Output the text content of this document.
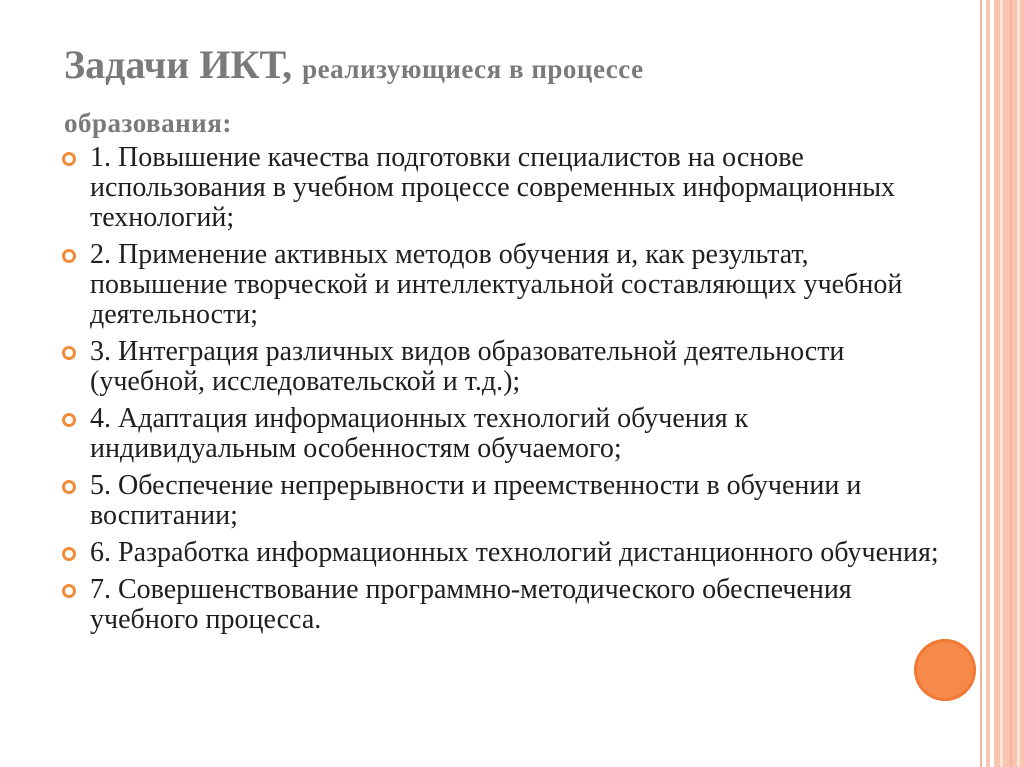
Задачи ИКТ, реализующиеся в процессе
образования:
1. Повышение качества подготовки специалистов на основе использования в учебном процессе современных информационных технологий;
2. Применение активных методов обучения и, как результат, повышение творческой и интеллектуальной составляющих учебной деятельности;
3. Интеграция различных видов образовательной деятельности (учебной, исследовательской и т.д.);
4. Адаптация информационных технологий обучения к индивидуальным особенностям обучаемого;
5. Обеспечение непрерывности и преемственности в обучении и воспитании;
6. Разработка информационных технологий дистанционного обучения;
7. Совершенствование программно-методического обеспечения учебного процесса.
